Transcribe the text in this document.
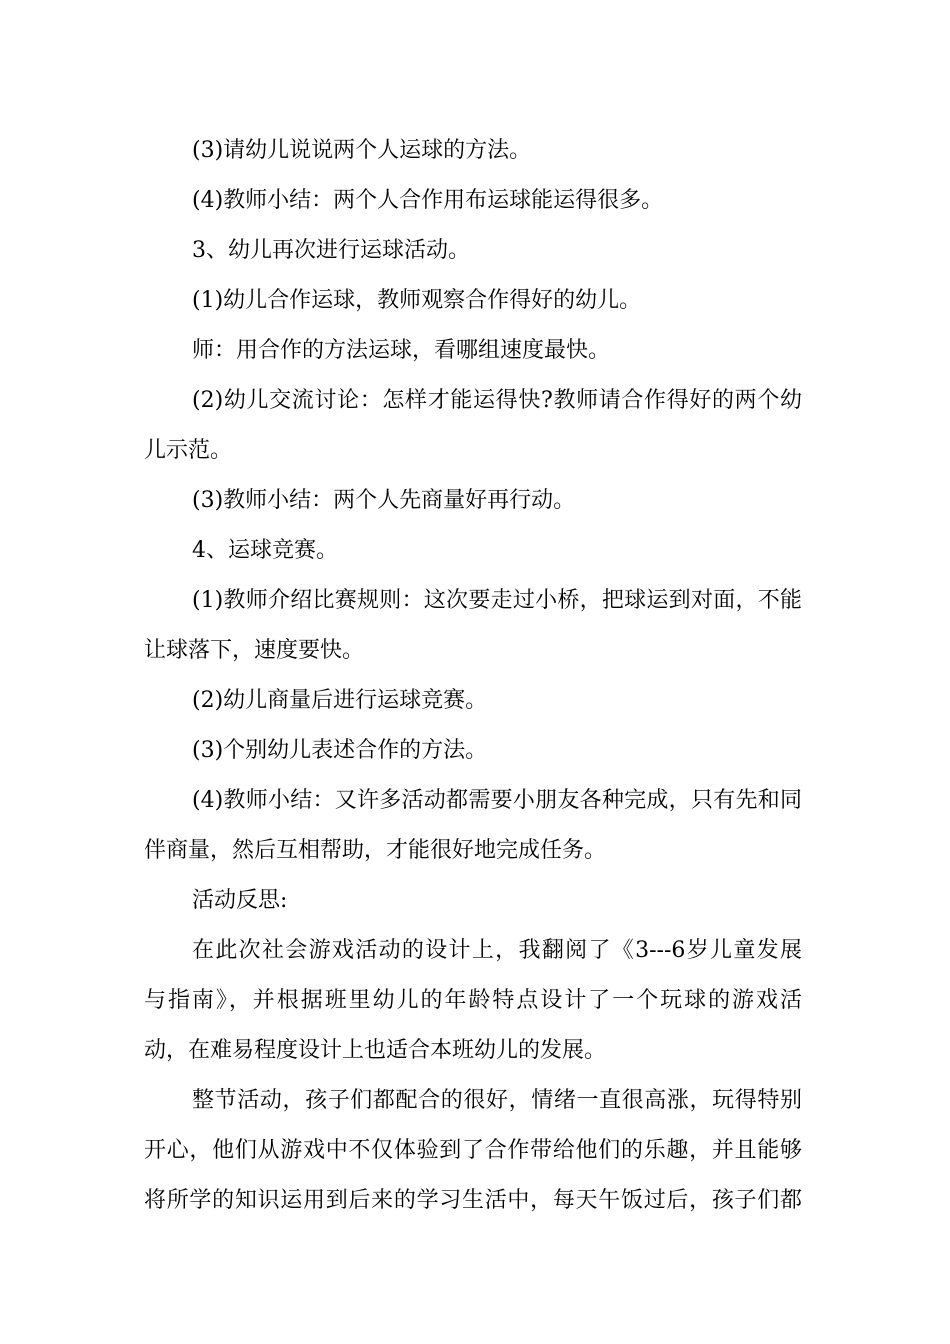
(3)请幼儿说说两个人运球的方法。
(4)教师小结：两个人合作用布运球能运得很多。
3、幼儿再次进行运球活动。
(1)幼儿合作运球，教师观察合作得好的幼儿。
师：用合作的方法运球，看哪组速度最快。
(2)幼儿交流讨论：怎样才能运得快?教师请合作得好的两个幼
儿示范。
(3)教师小结：两个人先商量好再行动。
4、运球竞赛。
(1)教师介绍比赛规则：这次要走过小桥，把球运到对面，不能
让球落下，速度要快。
(2)幼儿商量后进行运球竞赛。
(3)个别幼儿表述合作的方法。
(4)教师小结：又许多活动都需要小朋友各种完成，只有先和同
伴商量，然后互相帮助，才能很好地完成任务。
活动反思:
在此次社会游戏活动的设计上，我翻阅了《3---6岁儿童发展
与指南》，并根据班里幼儿的年龄特点设计了一个玩球的游戏活
动，在难易程度设计上也适合本班幼儿的发展。
整节活动，孩子们都配合的很好，情绪一直很高涨，玩得特别
开心，他们从游戏中不仅体验到了合作带给他们的乐趣，并且能够
将所学的知识运用到后来的学习生活中，每天午饭过后，孩子们都
